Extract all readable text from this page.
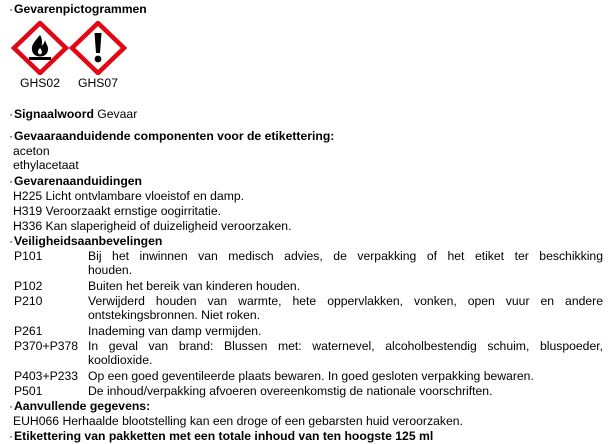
·Gevarenpictogrammen
GHS02	GHS07
·Signaalwoord Gevaar
·Gevaaraanduidende componenten voor de etikettering:
aceton
ethylacetaat
·Gevarenaanduidingen
H225 Licht ontvlambare vloeistof en damp.
H319 Veroorzaakt ernstige oogirritatie.
H336 Kan slaperigheid of duizeligheid veroorzaken.
·Veiligheidsaanbevelingen
P101	Bij het inwinnen van medisch advies, de verpakking of het etiket ter beschikking
houden.
P102	Buiten het bereik van kinderen houden.
P210	Verwijderd houden van warmte, hete oppervlakken, vonken, open vuur en andere
ontstekingsbronnen. Niet roken.
P261	Inademing van damp vermijden.
P370+P378 In geval van brand: Blussen met: waternevel, alcoholbestendig schuim, bluspoeder,
kooldioxide.
P403+P233 Op een goed geventileerde plaats bewaren. In goed gesloten verpakking bewaren.
P501	De inhoud/verpakking afvoeren overeenkomstig de nationale voorschriften.
·Aanvullende gegevens:
EUH066 Herhaalde blootstelling kan een droge of een gebarsten huid veroorzaken.
·Etikettering van pakketten met een totale inhoud van ten hoogste 125 ml
